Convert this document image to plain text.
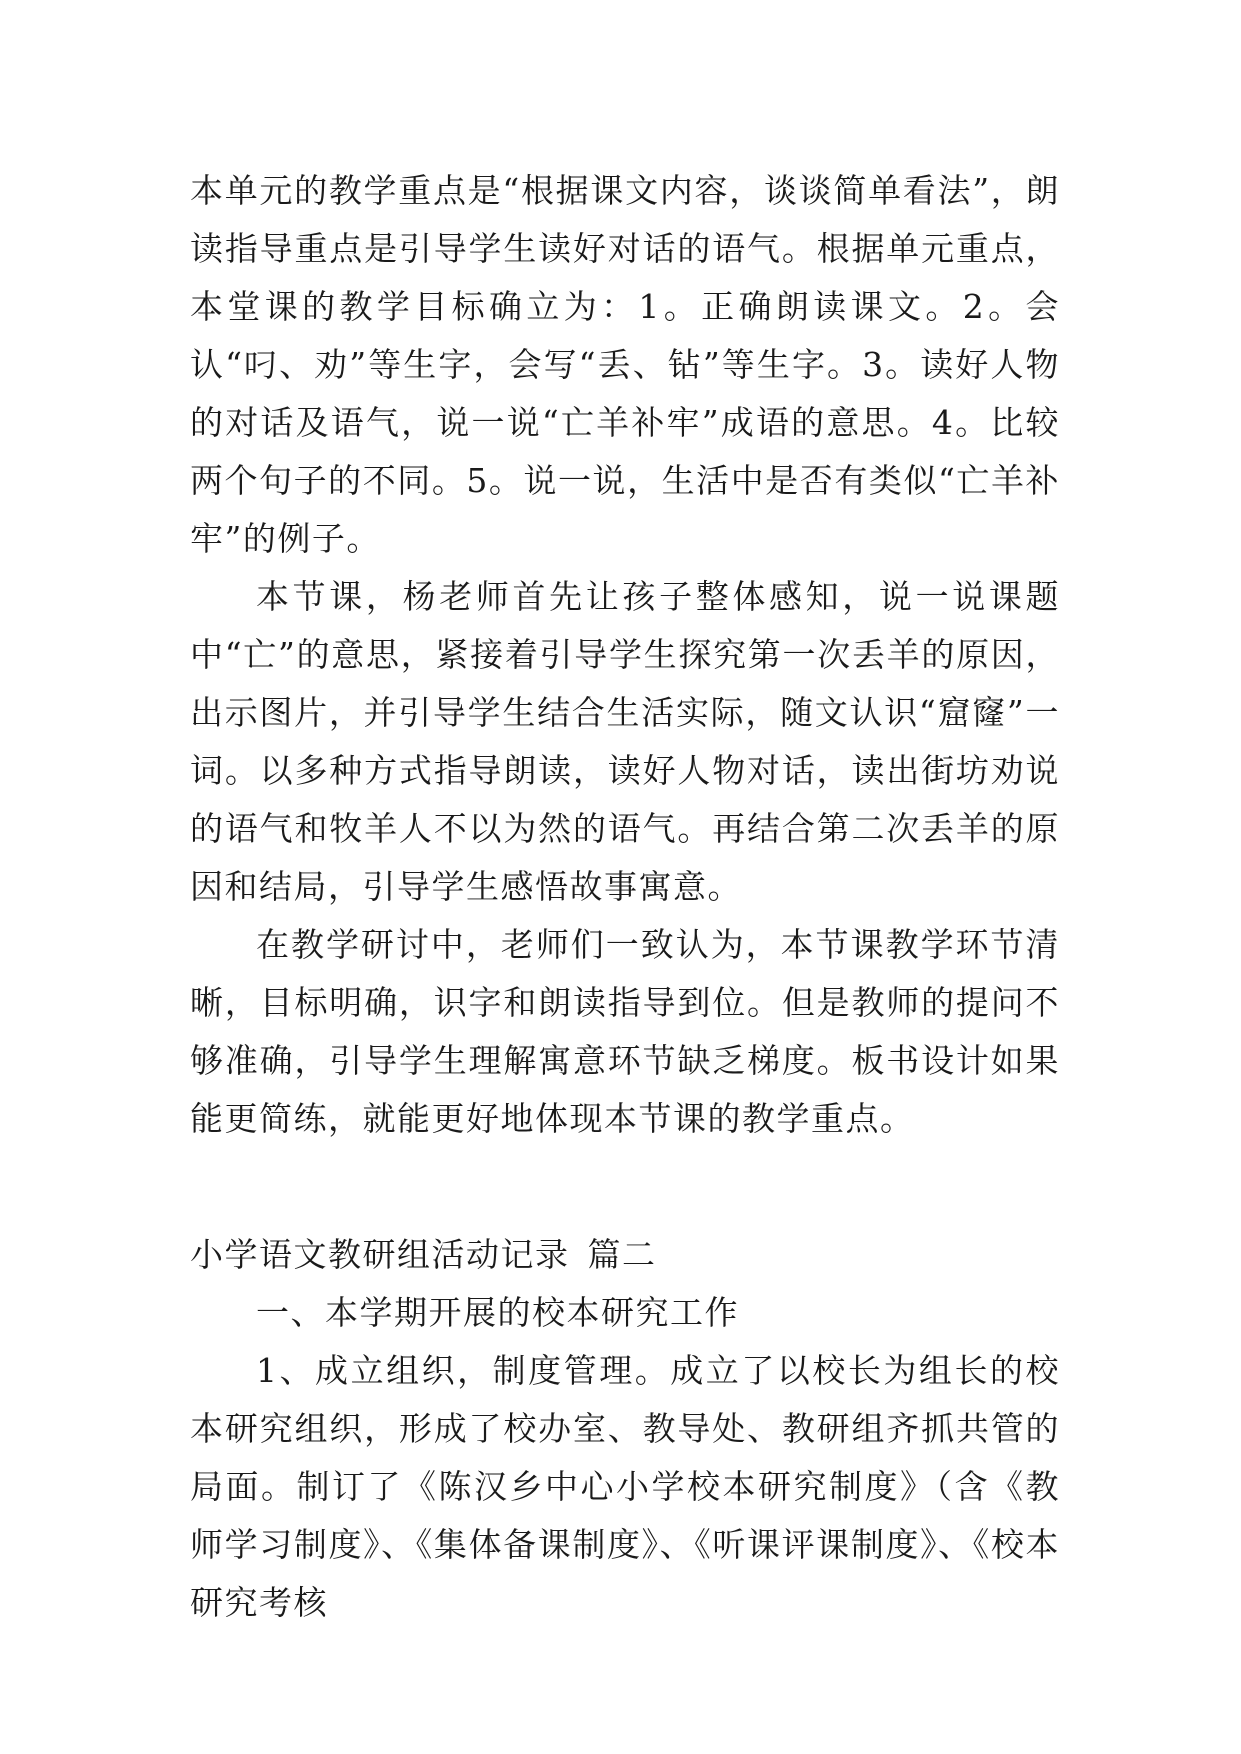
本单元的教学重点是“根据课文内容，谈谈简单看法”，朗读指导重点是引导学生读好对话的语气。根据单元重点，本堂课的教学目标确立为：1。正确朗读课文。2。会认“叼、劝”等生字，会写“丢、钻”等生字。3。读好人物的对话及语气，说一说“亡羊补牢”成语的意思。4。比较两个句子的不同。5。说一说，生活中是否有类似“亡羊补牢”的例子。

本节课，杨老师首先让孩子整体感知，说一说课题中“亡”的意思，紧接着引导学生探究第一次丢羊的原因，出示图片，并引导学生结合生活实际，随文认识“窟窿”一词。以多种方式指导朗读，读好人物对话，读出街坊劝说的语气和牧羊人不以为然的语气。再结合第二次丢羊的原因和结局，引导学生感悟故事寓意。

在教学研讨中，老师们一致认为，本节课教学环节清晰，目标明确，识字和朗读指导到位。但是教师的提问不够准确，引导学生理解寓意环节缺乏梯度。板书设计如果能更简练，就能更好地体现本节课的教学重点。

小学语文教研组活动记录 篇二

一、本学期开展的校本研究工作

1、成立组织，制度管理。成立了以校长为组长的校本研究组织，形成了校办室、教导处、教研组齐抓共管的局面。制订了《陈汉乡中心小学校本研究制度》（含《教师学习制度》、《集体备课制度》、《听课评课制度》、《校本研究考核
